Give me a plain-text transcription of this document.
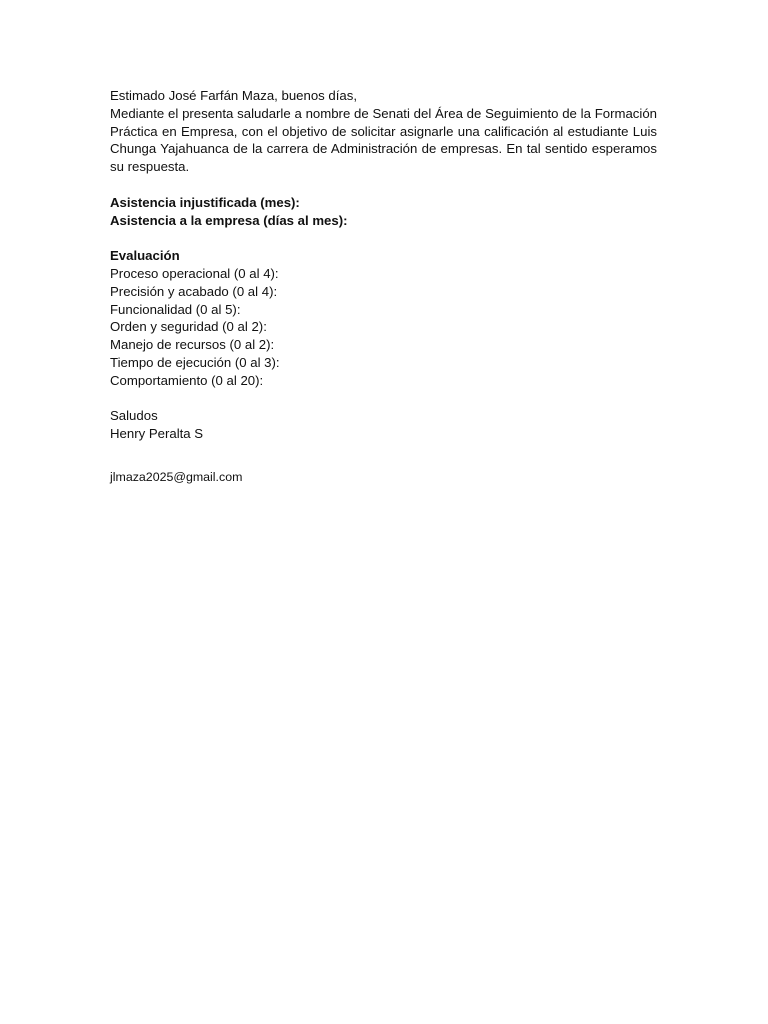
Estimado José Farfán Maza, buenos días,
Mediante el presenta saludarle a nombre de Senati del Área de Seguimiento de la Formación Práctica en Empresa, con el objetivo de solicitar asignarle una calificación al estudiante Luis Chunga Yajahuanca de la carrera de Administración de empresas. En tal sentido esperamos su respuesta.
Asistencia injustificada (mes):
Asistencia a la empresa (días al mes):
Evaluación
Proceso operacional (0 al 4):
Precisión y acabado (0 al 4):
Funcionalidad (0 al 5):
Orden y seguridad (0 al 2):
Manejo de recursos (0 al 2):
Tiempo de ejecución (0 al 3):
Comportamiento (0 al 20):
Saludos
Henry Peralta S
jlmaza2025@gmail.com
